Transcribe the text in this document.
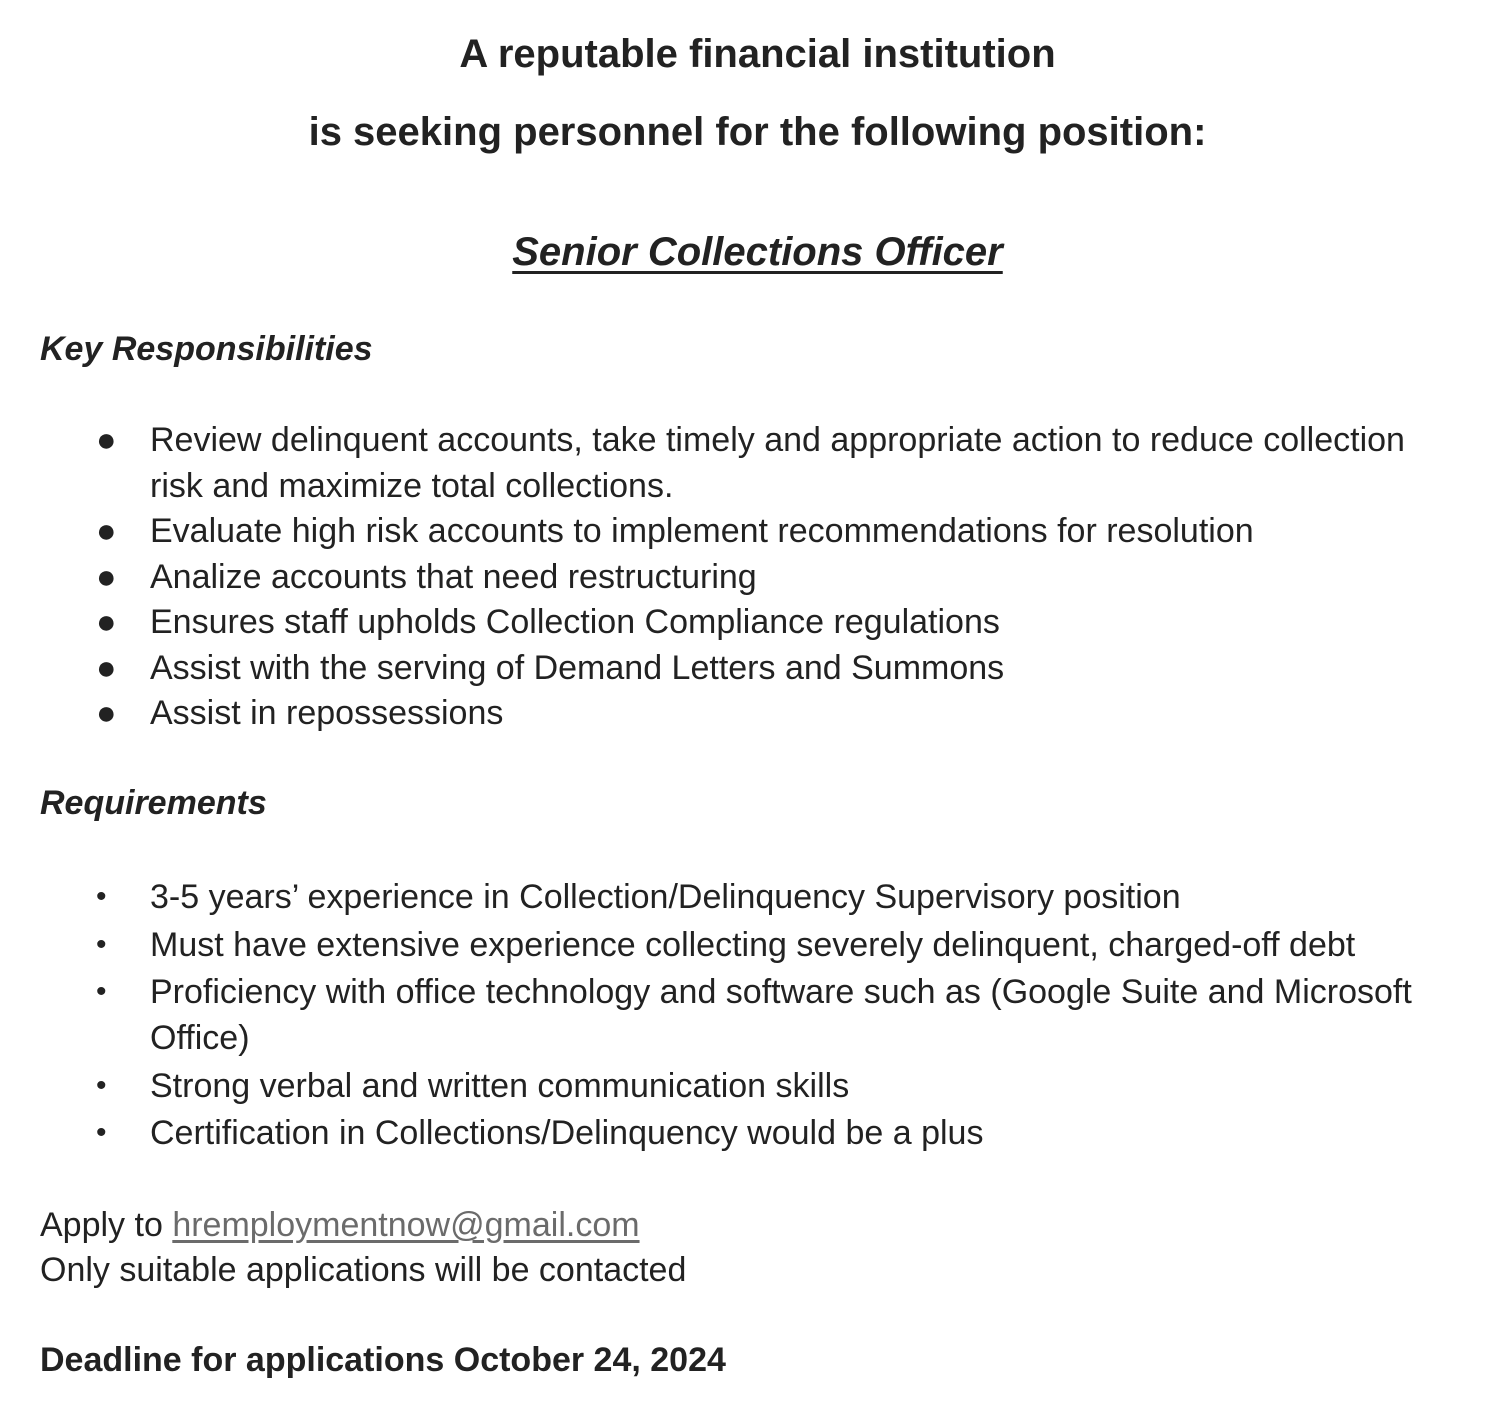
A reputable financial institution
is seeking personnel for the following position:
Senior Collections Officer
Key Responsibilities
● Review delinquent accounts, take timely and appropriate action to reduce collection risk and maximize total collections.
● Evaluate high risk accounts to implement recommendations for resolution
● Analize accounts that need restructuring
● Ensures staff upholds Collection Compliance regulations
● Assist with the serving of Demand Letters and Summons
● Assist in repossessions
Requirements
• 3-5 years’ experience in Collection/Delinquency Supervisory position
• Must have extensive experience collecting severely delinquent, charged-off debt
• Proficiency with office technology and software such as (Google Suite and Microsoft Office)
• Strong verbal and written communication skills
• Certification in Collections/Delinquency would be a plus

Apply to hremploymentnow@gmail.com

Only suitable applications will be contacted

Deadline for applications October 24, 2024
